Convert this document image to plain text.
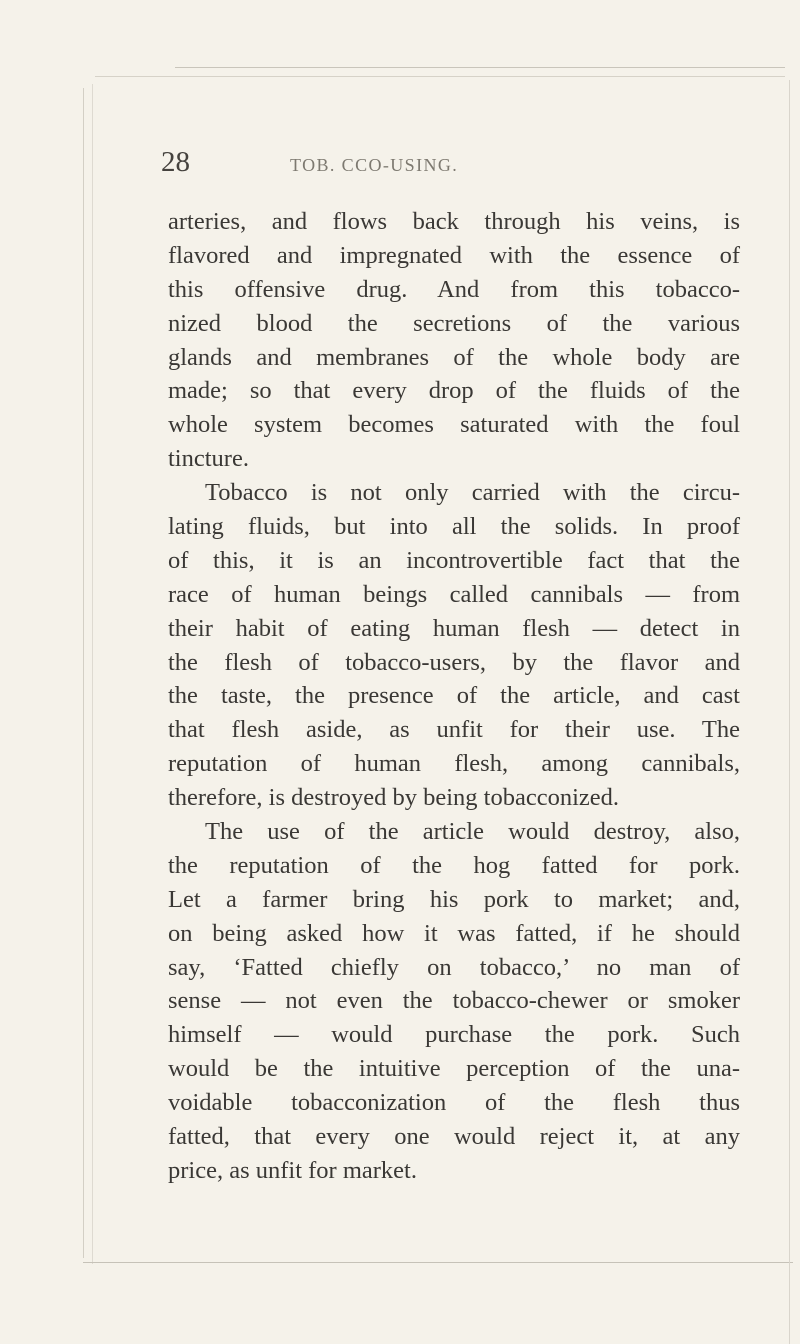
28	TOB. CCO-USING.
arteries, and flows back through his veins, is
flavored and impregnated with the essence of
this offensive drug. And from this tobacco-
nized blood the secretions of the various
glands and membranes of the whole body are
made; so that every drop of the fluids of the
whole system becomes saturated with the foul
tincture.
Tobacco is not only carried with the circu-
lating fluids, but into all the solids. In proof
of this, it is an incontrovertible fact that the
race of human beings called cannibals — from
their habit of eating human flesh — detect in
the flesh of tobacco-users, by the flavor and
the taste, the presence of the article, and cast
that flesh aside, as unfit for their use. The
reputation of human flesh, among cannibals,
therefore, is destroyed by being tobacconized.
The use of the article would destroy, also,
the reputation of the hog fatted for pork.
Let a farmer bring his pork to market; and,
on being asked how it was fatted, if he should
say, ‘Fatted chiefly on tobacco,’ no man of
sense — not even the tobacco-chewer or smoker
himself — would purchase the pork. Such
would be the intuitive perception of the una-
voidable tobacconization of the flesh thus
fatted, that every one would reject it, at any
price, as unfit for market.
